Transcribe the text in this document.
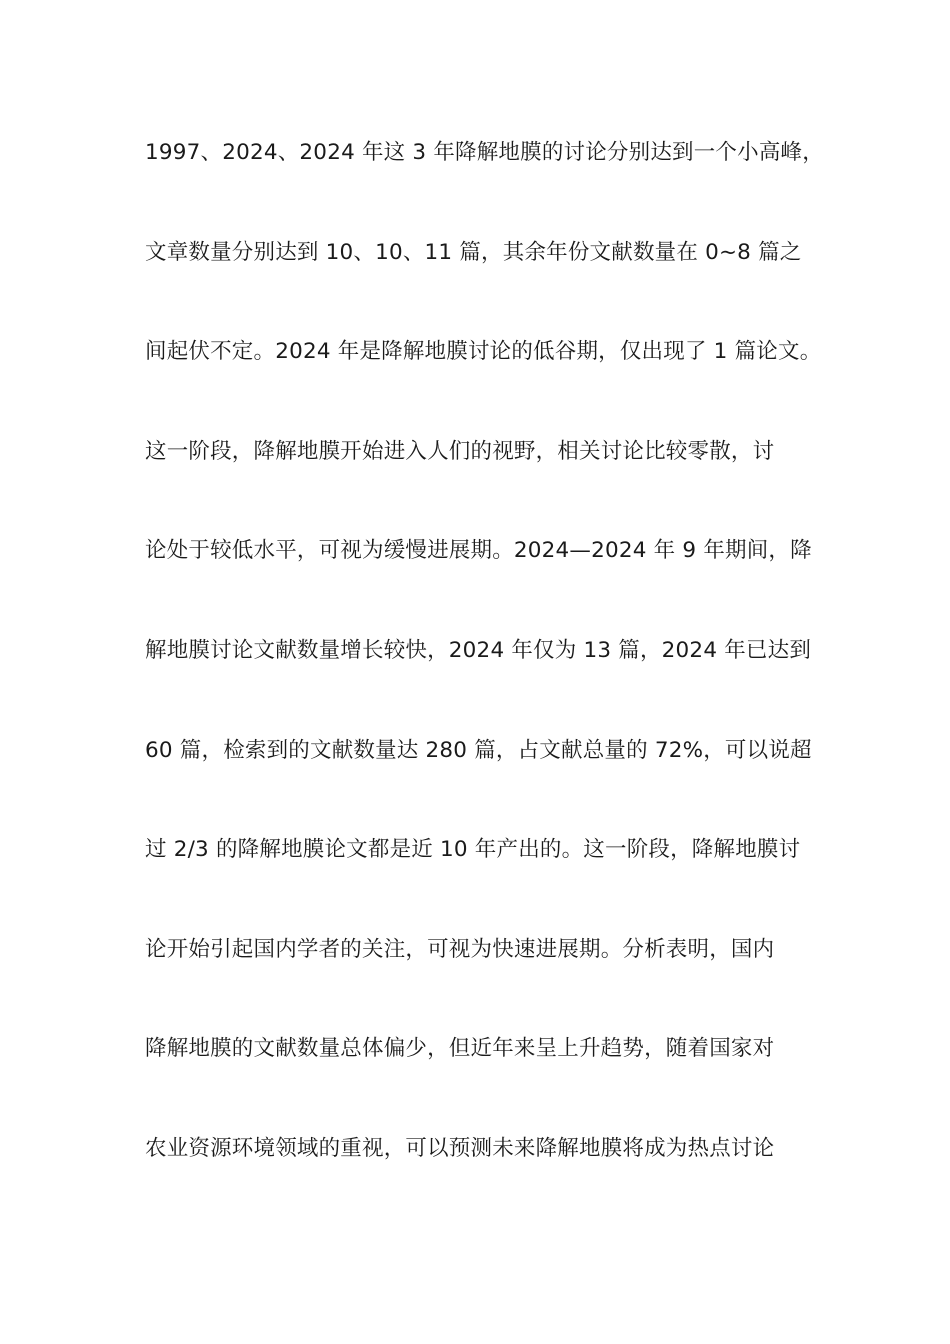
1997、2024、2024 年这 3 年降解地膜的讨论分别达到一个小高峰，
文章数量分别达到 10、10、11 篇，其余年份文献数量在 0~8 篇之
间起伏不定。2024 年是降解地膜讨论的低谷期，仅出现了 1 篇论文。
这一阶段，降解地膜开始进入人们的视野，相关讨论比较零散，讨
论处于较低水平，可视为缓慢进展期。2024—2024 年 9 年期间，降
解地膜讨论文献数量增长较快，2024 年仅为 13 篇，2024 年已达到
60 篇，检索到的文献数量达 280 篇，占文献总量的 72%，可以说超
过 2/3 的降解地膜论文都是近 10 年产出的。这一阶段，降解地膜讨
论开始引起国内学者的关注，可视为快速进展期。分析表明，国内
降解地膜的文献数量总体偏少，但近年来呈上升趋势，随着国家对
农业资源环境领域的重视，可以预测未来降解地膜将成为热点讨论
